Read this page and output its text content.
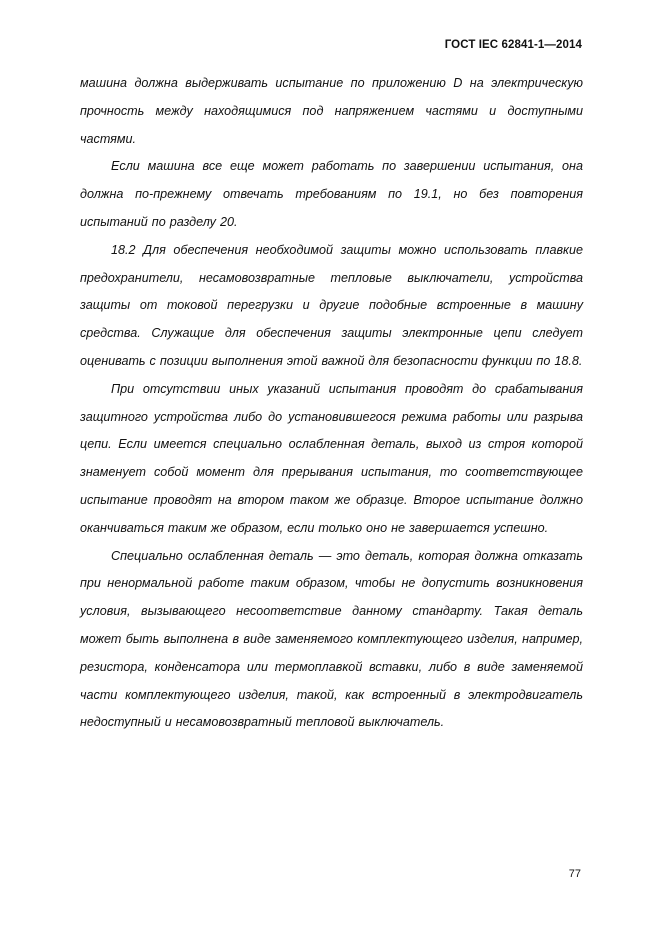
ГОСТ IEC 62841-1—2014

машина должна выдерживать испытание по приложению D на электрическую прочность между находящимися под напряжением частями и доступными частями.

Если машина все еще может работать по завершении испытания, она должна по-прежнему отвечать требованиям по 19.1, но без повторения испытаний по разделу 20.

18.2 Для обеспечения необходимой защиты можно использовать плавкие предохранители, несамовозвратные тепловые выключатели, устройства защиты от токовой перегрузки и другие подобные встроенные в машину средства. Служащие для обеспечения защиты электронные цепи следует оценивать с позиции выполнения этой важной для безопасности функции по 18.8.

При отсутствии иных указаний испытания проводят до срабатывания защитного устройства либо до установившегося режима работы или разрыва цепи. Если имеется специально ослабленная деталь, выход из строя которой знаменует собой момент для прерывания испытания, то соответствующее испытание проводят на втором таком же образце. Второе испытание должно оканчиваться таким же образом, если только оно не завершается успешно.

Специально ослабленная деталь — это деталь, которая должна отказать при ненормальной работе таким образом, чтобы не допустить возникновения условия, вызывающего несоответствие данному стандарту. Такая деталь может быть выполнена в виде заменяемого комплектующего изделия, например, резистора, конденсатора или термоплавкой вставки, либо в виде заменяемой части комплектующего изделия, такой, как встроенный в электродвигатель недоступный и несамовозвратный тепловой выключатель.

77
